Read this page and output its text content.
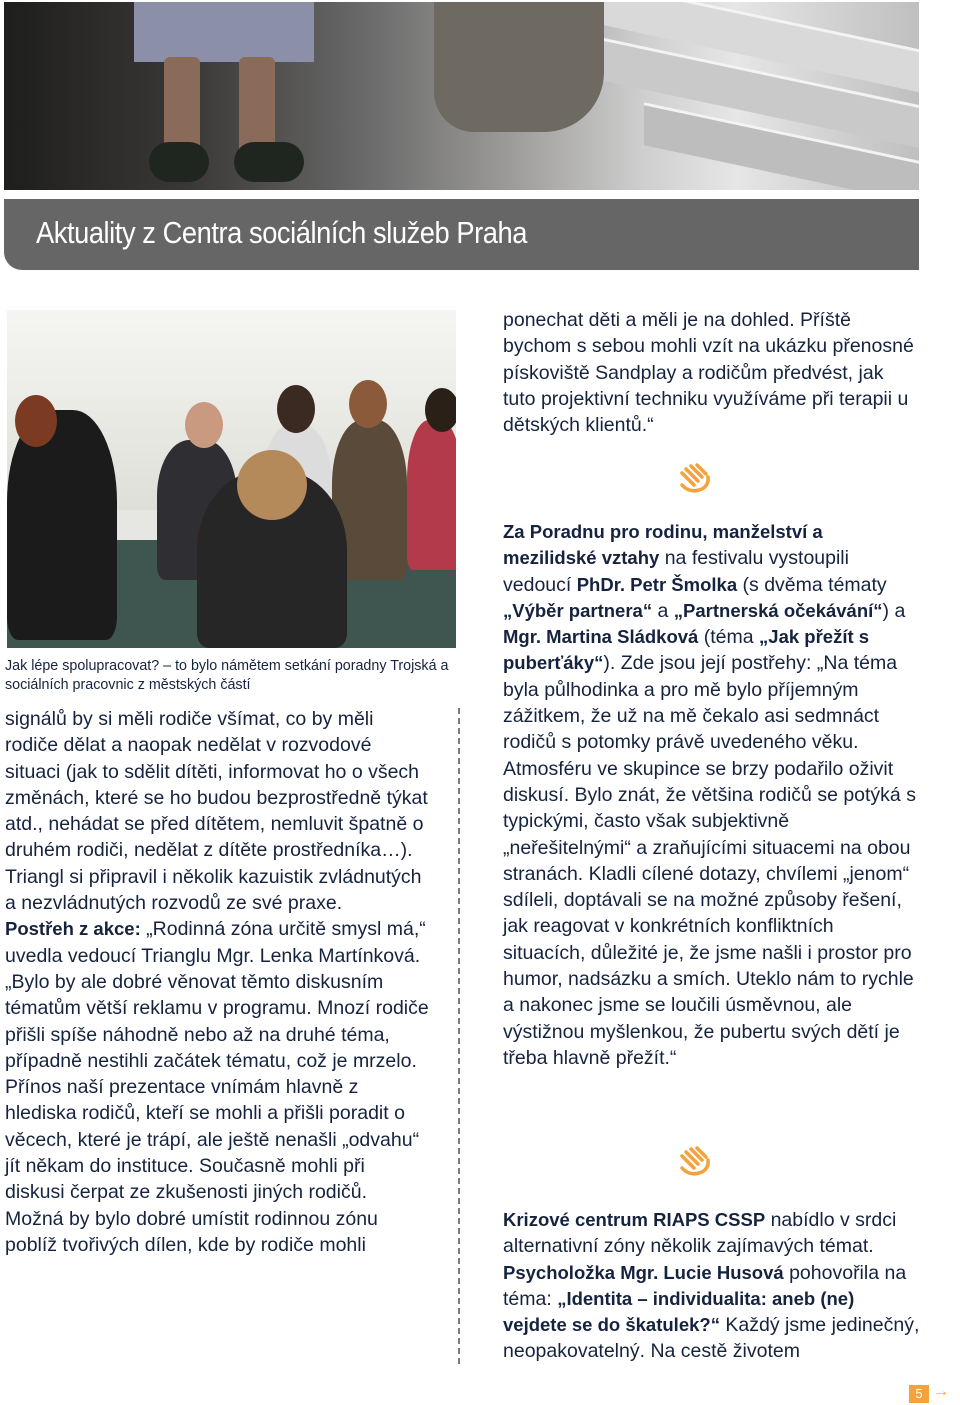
Aktuality z Centra sociálních služeb Praha
Jak lépe spolupracovat? – to bylo námětem setkání poradny Trojská a sociálních pracovnic z městských částí

signálů by si měli rodiče všímat, co by měli rodiče dělat a naopak nedělat v rozvodové situaci (jak to sdělit dítěti, informovat ho o všech změnách, které se ho budou bezprostředně týkat atd., nehádat se před dítětem, nemluvit špatně o druhém rodiči, nedělat z dítěte prostředníka…). Triangl si připravil i několik kazuistik zvládnutých a nezvládnutých rozvodů ze své praxe.

Postřeh z akce: „Rodinná zóna určitě smysl má,“ uvedla vedoucí Trianglu Mgr. Lenka Martínková. „Bylo by ale dobré věnovat těmto diskusním tématům větší reklamu v programu. Mnozí rodiče přišli spíše náhodně nebo až na druhé téma, případně nestihli začátek tématu, což je mrzelo. Přínos naší prezentace vnímám hlavně z hlediska rodičů, kteří se mohli a přišli poradit o věcech, které je trápí, ale ještě nenašli „odvahu“ jít někam do instituce. Současně mohli při diskusi čerpat ze zkušenosti jiných rodičů. Možná by bylo dobré umístit rodinnou zónu poblíž tvořivých dílen, kde by rodiče mohli

ponechat děti a měli je na dohled. Příště bychom s sebou mohli vzít na ukázku přenosné pískoviště Sandplay a rodičům předvést, jak tuto projektivní techniku využíváme při terapii u dětských klientů.“

Za Poradnu pro rodinu, manželství a mezilidské vztahy na festivalu vystoupili vedoucí PhDr. Petr Šmolka (s dvěma tématy „Výběr partnera“ a „Partnerská očekávání“) a Mgr. Martina Sládková (téma „Jak přežít s puberťáky“). Zde jsou její postřehy: „Na téma byla půlhodinka a pro mě bylo příjemným zážitkem, že už na mě čekalo asi sedmnáct rodičů s potomky právě uvedeného věku. Atmosféru ve skupince se brzy podařilo oživit diskusí. Bylo znát, že většina rodičů se potýká s typickými, často však subjektivně „neřešitelnými“ a zraňujícími situacemi na obou stranách. Kladli cílené dotazy, chvílemi „jenom“ sdíleli, doptávali se na možné způsoby řešení, jak reagovat v konkrétních konfliktních situacích, důležité je, že jsme našli i prostor pro humor, nadsázku a smích. Uteklo nám to rychle a nakonec jsme se loučili úsměvnou, ale výstižnou myšlenkou, že pubertu svých dětí je třeba hlavně přežít.“

Krizové centrum RIAPS CSSP nabídlo v srdci alternativní zóny několik zajímavých témat. Psycholožka Mgr. Lucie Husová pohovořila na téma: „Identita – individualita: aneb (ne) vejdete se do škatulek?“ Každý jsme jedinečný, neopakovatelný. Na cestě životem

5 →
